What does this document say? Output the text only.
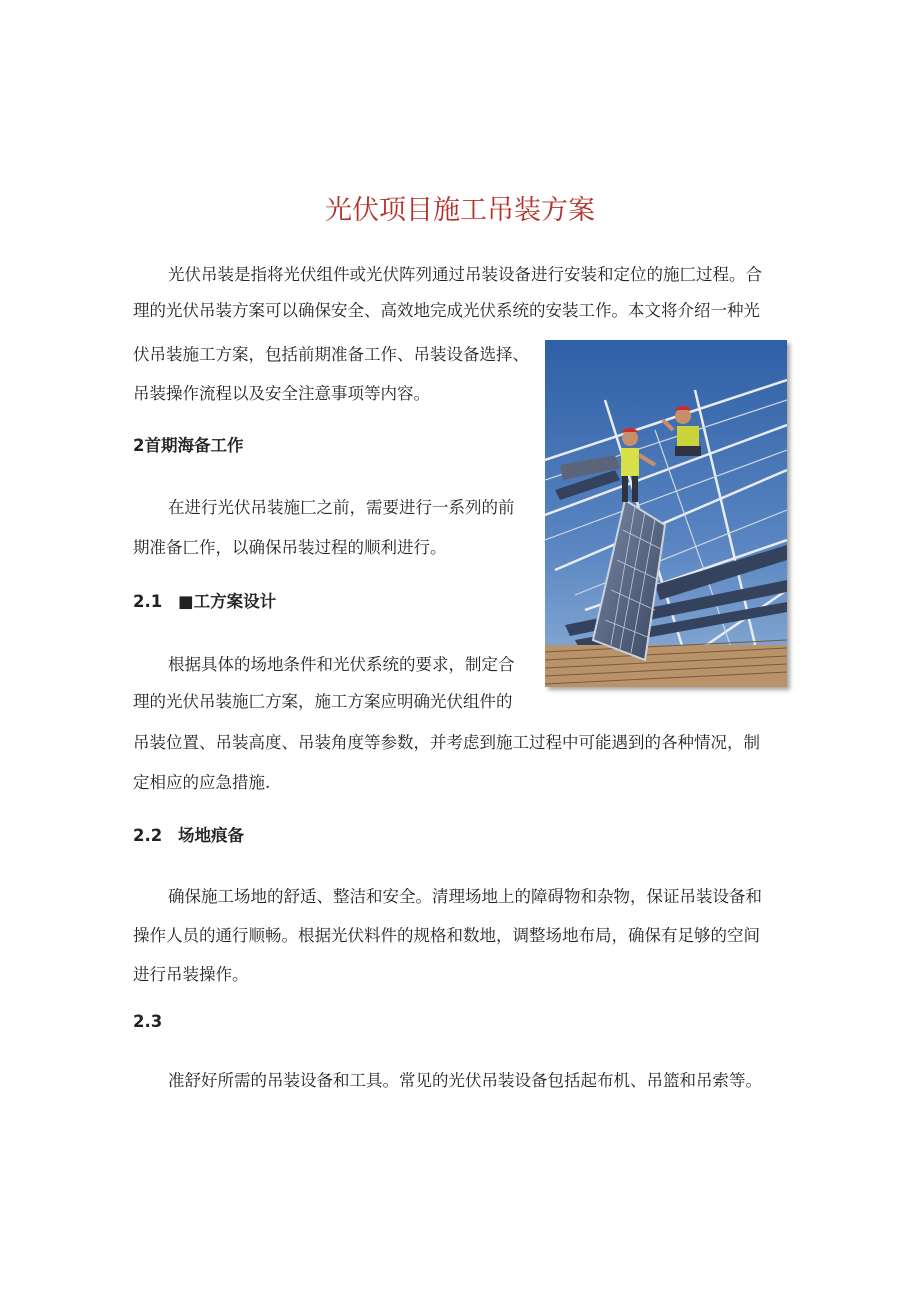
光伏项目施工吊装方案

光伏吊装是指将光伏组件或光伏阵列通过吊装设备进行安装和定位的施匚过程。合

理的光伏吊装方案可以确保安全、高效地完成光伏系统的安装工作。本文将介绍一种光

伏吊装施工方案，包括前期准备工作、吊装设备选择、

吊装操作流程以及安全注意事项等内容。

2首期海备工作

在进行光伏吊装施匚之前，需要进行一系列的前

期准备匚作，以确保吊装过程的顺利进行。

2.1 ■工方案设计

根据具体的场地条件和光伏系统的要求，制定合

理的光伏吊装施匚方案，施工方案应明确光伏组件的

吊装位置、吊装高度、吊装角度等参数，并考虑到施工过程中可能遇到的各种情况，制

定相应的应急措施.

2.2 场地痕备

确保施工场地的舒适、整洁和安全。清理场地上的障碍物和杂物，保证吊装设备和

操作人员的通行顺畅。根据光伏料件的规格和数地，调整场地布局，确保有足够的空间

进行吊装操作。

2.3

准舒好所需的吊装设备和工具。常见的光伏吊装设备包括起布机、吊篮和吊索等。
